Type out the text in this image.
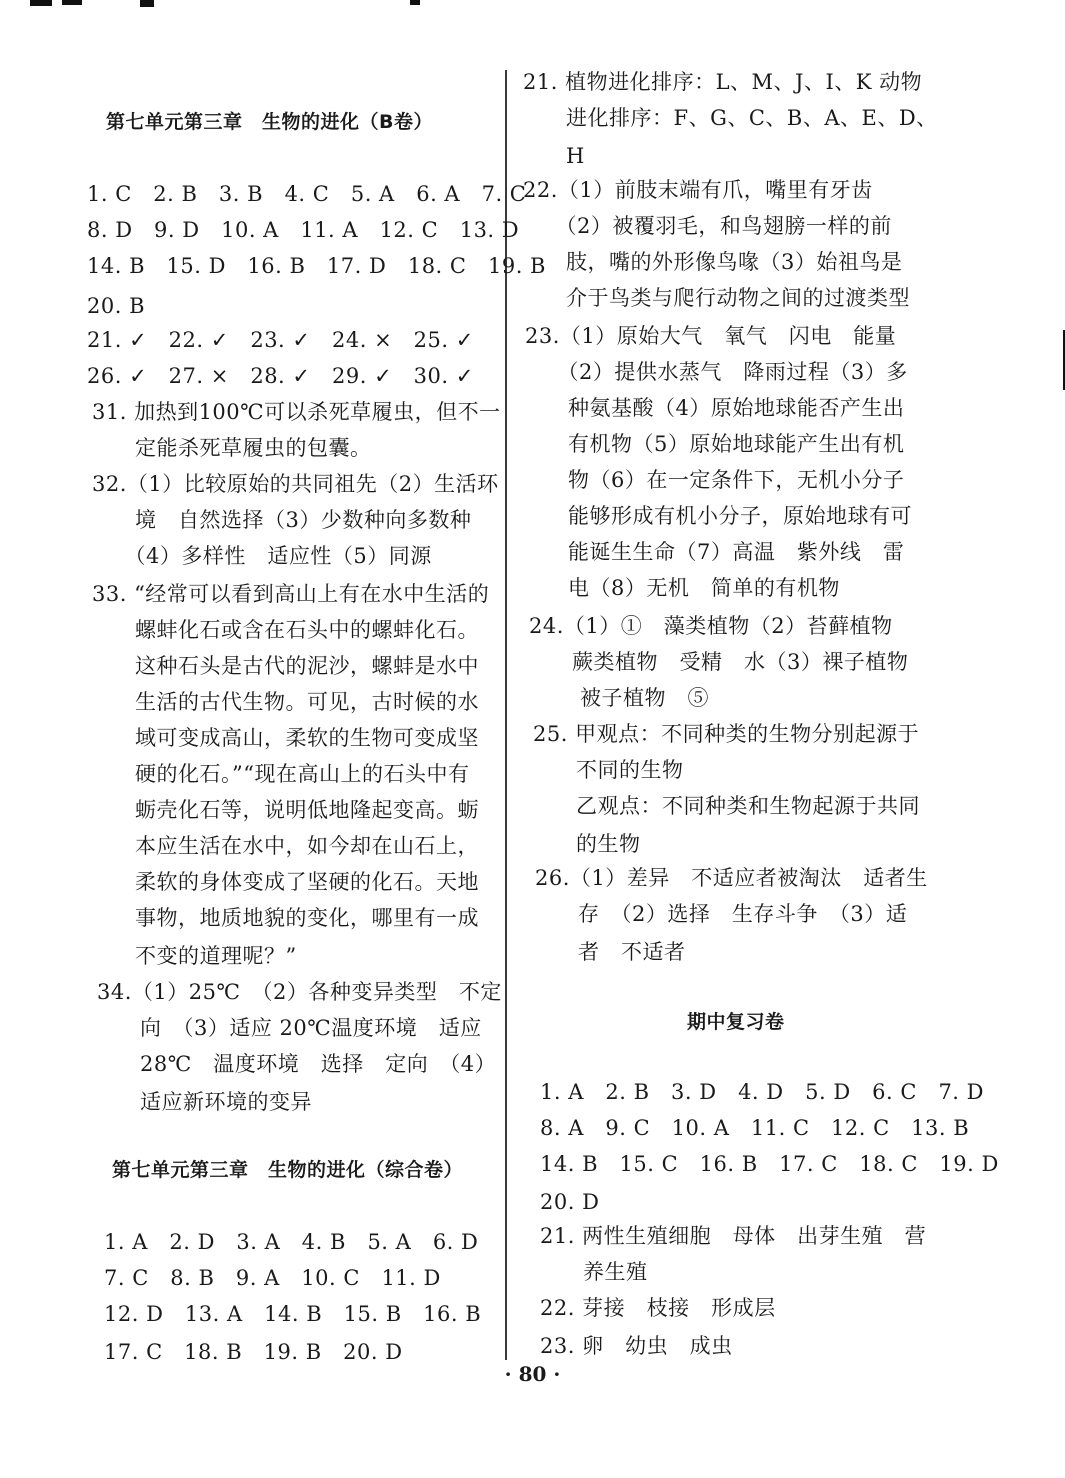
第七单元第三章　生物的进化（B卷）
1. C　2. B　3. B　4. C　5. A　6. A　7. C
8. D　9. D　10. A　11. A　12. C　13. D
14. B　15. D　16. B　17. D　18. C　19. B
20. B
21. ✓　22. ✓　23. ✓　24. ×　25. ✓
26. ✓　27. ×　28. ✓　29. ✓　30. ✓
31. 加热到100℃可以杀死草履虫，但不一
　　定能杀死草履虫的包囊。
32.（1）比较原始的共同祖先（2）生活环
　　境　自然选择（3）少数种向多数种
　　（4）多样性　适应性（5）同源
33. “经常可以看到高山上有在水中生活的
　　螺蚌化石或含在石头中的螺蚌化石。
　　这种石头是古代的泥沙，螺蚌是水中
　　生活的古代生物。可见，古时候的水
　　域可变成高山，柔软的生物可变成坚
　　硬的化石。”“现在高山上的石头中有
　　蛎壳化石等，说明低地隆起变高。蛎
　　本应生活在水中，如今却在山石上，
　　柔软的身体变成了坚硬的化石。天地
　　事物，地质地貌的变化，哪里有一成
　　不变的道理呢？”
34.（1）25℃　（2）各种变异类型　不定
　　向　（3）适应 20℃温度环境　适应
　　28℃　温度环境　选择　定向　（4）
　　适应新环境的变异
第七单元第三章　生物的进化（综合卷）
1. A　2. D　3. A　4. B　5. A　6. D
7. C　8. B　9. A　10. C　11. D
12. D　13. A　14. B　15. B　16. B
17. C　18. B　19. B　20. D
21. 植物进化排序：L、M、J、I、K 动物
　　进化排序：F、G、C、B、A、E、D、
　　H
22.（1）前肢末端有爪，嘴里有牙齿
　　（2）被覆羽毛，和鸟翅膀一样的前
　　肢，嘴的外形像鸟喙（3）始祖鸟是
　　介于鸟类与爬行动物之间的过渡类型
23.（1）原始大气　氧气　闪电　能量
　　（2）提供水蒸气　降雨过程（3）多
　　种氨基酸（4）原始地球能否产生出
　　有机物（5）原始地球能产生出有机
　　物（6）在一定条件下，无机小分子
　　能够形成有机小分子，原始地球有可
　　能诞生生命（7）高温　紫外线　雷
　　电（8）无机　简单的有机物
24.（1）①　藻类植物（2）苔藓植物
　　蕨类植物　受精　水（3）裸子植物
　　被子植物　⑤
25. 甲观点：不同种类的生物分别起源于
　　不同的生物
　　乙观点：不同种类和生物起源于共同
　　的生物
26.（1）差异　不适应者被淘汰　适者生
　　存　（2）选择　生存斗争　（3）适
　　者　不适者
期中复习卷
1. A　2. B　3. D　4. D　5. D　6. C　7. D
8. A　9. C　10. A　11. C　12. C　13. B
14. B　15. C　16. B　17. C　18. C　19. D
20. D
21. 两性生殖细胞　母体　出芽生殖　营
　　养生殖
22. 芽接　枝接　形成层
23. 卵　幼虫　成虫
· 80 ·
